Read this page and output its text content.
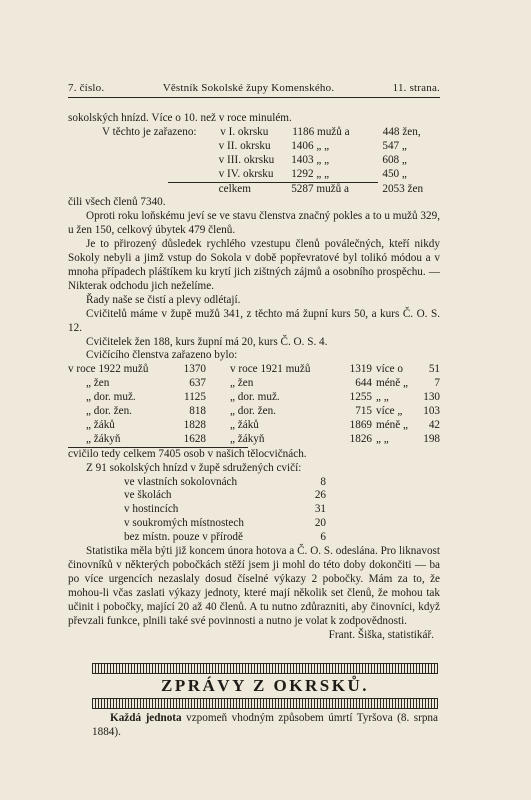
7. číslo.	Věstník Sokolské župy Komenského.	11. strana.

sokolských hnízd. Více o 10. než v roce minulém.

V těchto je zařazeno:	v I. okrsku	1186 mužů a	448 žen,
v II. okrsku	1406 „ „	547 „
v III. okrsku	1403 „ „	608 „
v IV. okrsku	1292 „ „	450 „
celkem	5287 mužů a	2053 žen

čili všech členů 7340.

Oproti roku loňskému jeví se ve stavu členstva značný pokles a to u mužů 329, u žen 150, celkový úbytek 479 členů.

Je to přirozený důsledek rychlého vzestupu členů poválečných, kteří nikdy Sokoly nebyli a jimž vstup do Sokola v době popřevratové byl tolikó módou a v mnoha případech pláštíkem ku krytí jich zištných zájmů a osobního prospěchu. — Nikterak odchodu jich neželíme.

Řady naše se čistí a plevy odlétají.

Cvičitelů máme v župě mužů 341, z těchto má župní kurs 50, a kurs Č. O. S. 12.

Cvičitelek žen 188, kurs župní má 20, kurs Č. O. S. 4.

Cvičícího členstva zařazeno bylo:

v roce 1922 mužů	1370	v roce 1921 mužů	1319 více o	51
„ žen	637	„ žen	644 méně „	7
„ dor. muž.	1125	„ dor. muž.	1255 „ „	130
„ dor. žen.	818	„ dor. žen.	715 více „	103
„ žáků	1828	„ žáků	1869 méně „	42
„ žákyň	1628	„ žákyň	1826 „ „	198

cvičilo tedy celkem 7405 osob v našich tělocvičnách.

Z 91 sokolských hnízd v župě sdružených cvičí:

ve vlastních sokolovnách	8
ve školách	26
v hostincích	31
v soukromých místnostech	20
bez místn. pouze v přírodě	6

Statistika měla býti již koncem února hotova a Č. O. S. odeslána. Pro liknavost činovníků v některých pobočkách stěží jsem ji mohl do této doby dokončiti — ba po více urgencích nezaslaly dosud číselné výkazy 2 pobočky. Mám za to, že mohou-li včas zaslati výkazy jednoty, které mají několik set členů, že mohou tak učinit i pobočky, mající 20 až 40 členů. A tu nutno zdůrazniti, aby činovníci, když převzali funkce, plnili také své povinnosti a nutno je volat k zodpovědnosti.

Frant. Šiška, statistikář.

ZPRÁVY Z OKRSKŮ.

Každá jednota vzpomeň vhodným způsobem úmrtí Tyršova (8. srpna 1884).
